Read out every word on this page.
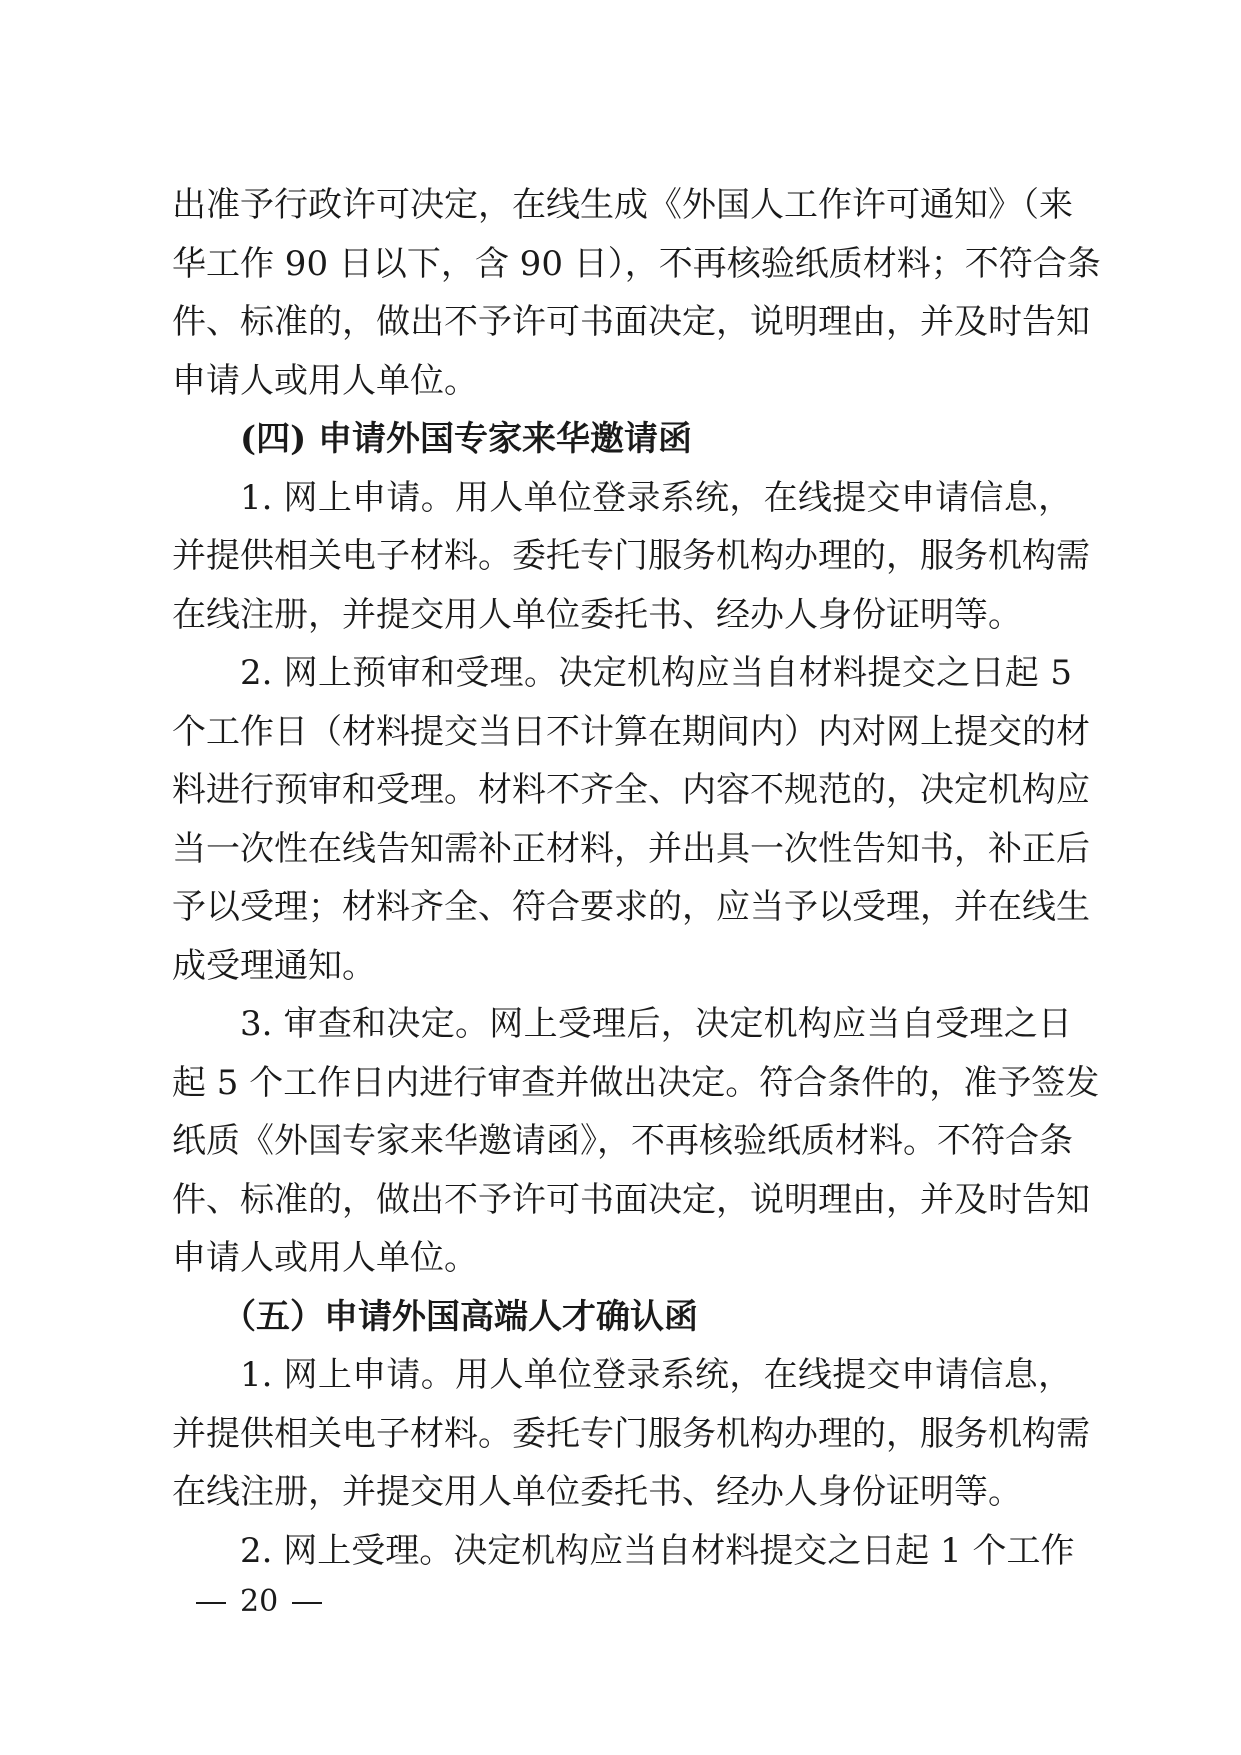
出准予行政许可决定，在线生成《外国人工作许可通知》（来
华工作 90 日以下，含 90 日），不再核验纸质材料；不符合条
件、标准的，做出不予许可书面决定，说明理由，并及时告知
申请人或用人单位。
(四) 申请外国专家来华邀请函
1. 网上申请。用人单位登录系统，在线提交申请信息，
并提供相关电子材料。委托专门服务机构办理的，服务机构需
在线注册，并提交用人单位委托书、经办人身份证明等。
2. 网上预审和受理。决定机构应当自材料提交之日起 5
个工作日（材料提交当日不计算在期间内）内对网上提交的材
料进行预审和受理。材料不齐全、内容不规范的，决定机构应
当一次性在线告知需补正材料，并出具一次性告知书，补正后
予以受理；材料齐全、符合要求的，应当予以受理，并在线生
成受理通知。
3. 审查和决定。网上受理后，决定机构应当自受理之日
起 5 个工作日内进行审查并做出决定。符合条件的，准予签发
纸质《外国专家来华邀请函》，不再核验纸质材料。不符合条
件、标准的，做出不予许可书面决定，说明理由，并及时告知
申请人或用人单位。
（五）申请外国高端人才确认函
1. 网上申请。用人单位登录系统，在线提交申请信息，
并提供相关电子材料。委托专门服务机构办理的，服务机构需
在线注册，并提交用人单位委托书、经办人身份证明等。
2. 网上受理。决定机构应当自材料提交之日起 1 个工作
20
